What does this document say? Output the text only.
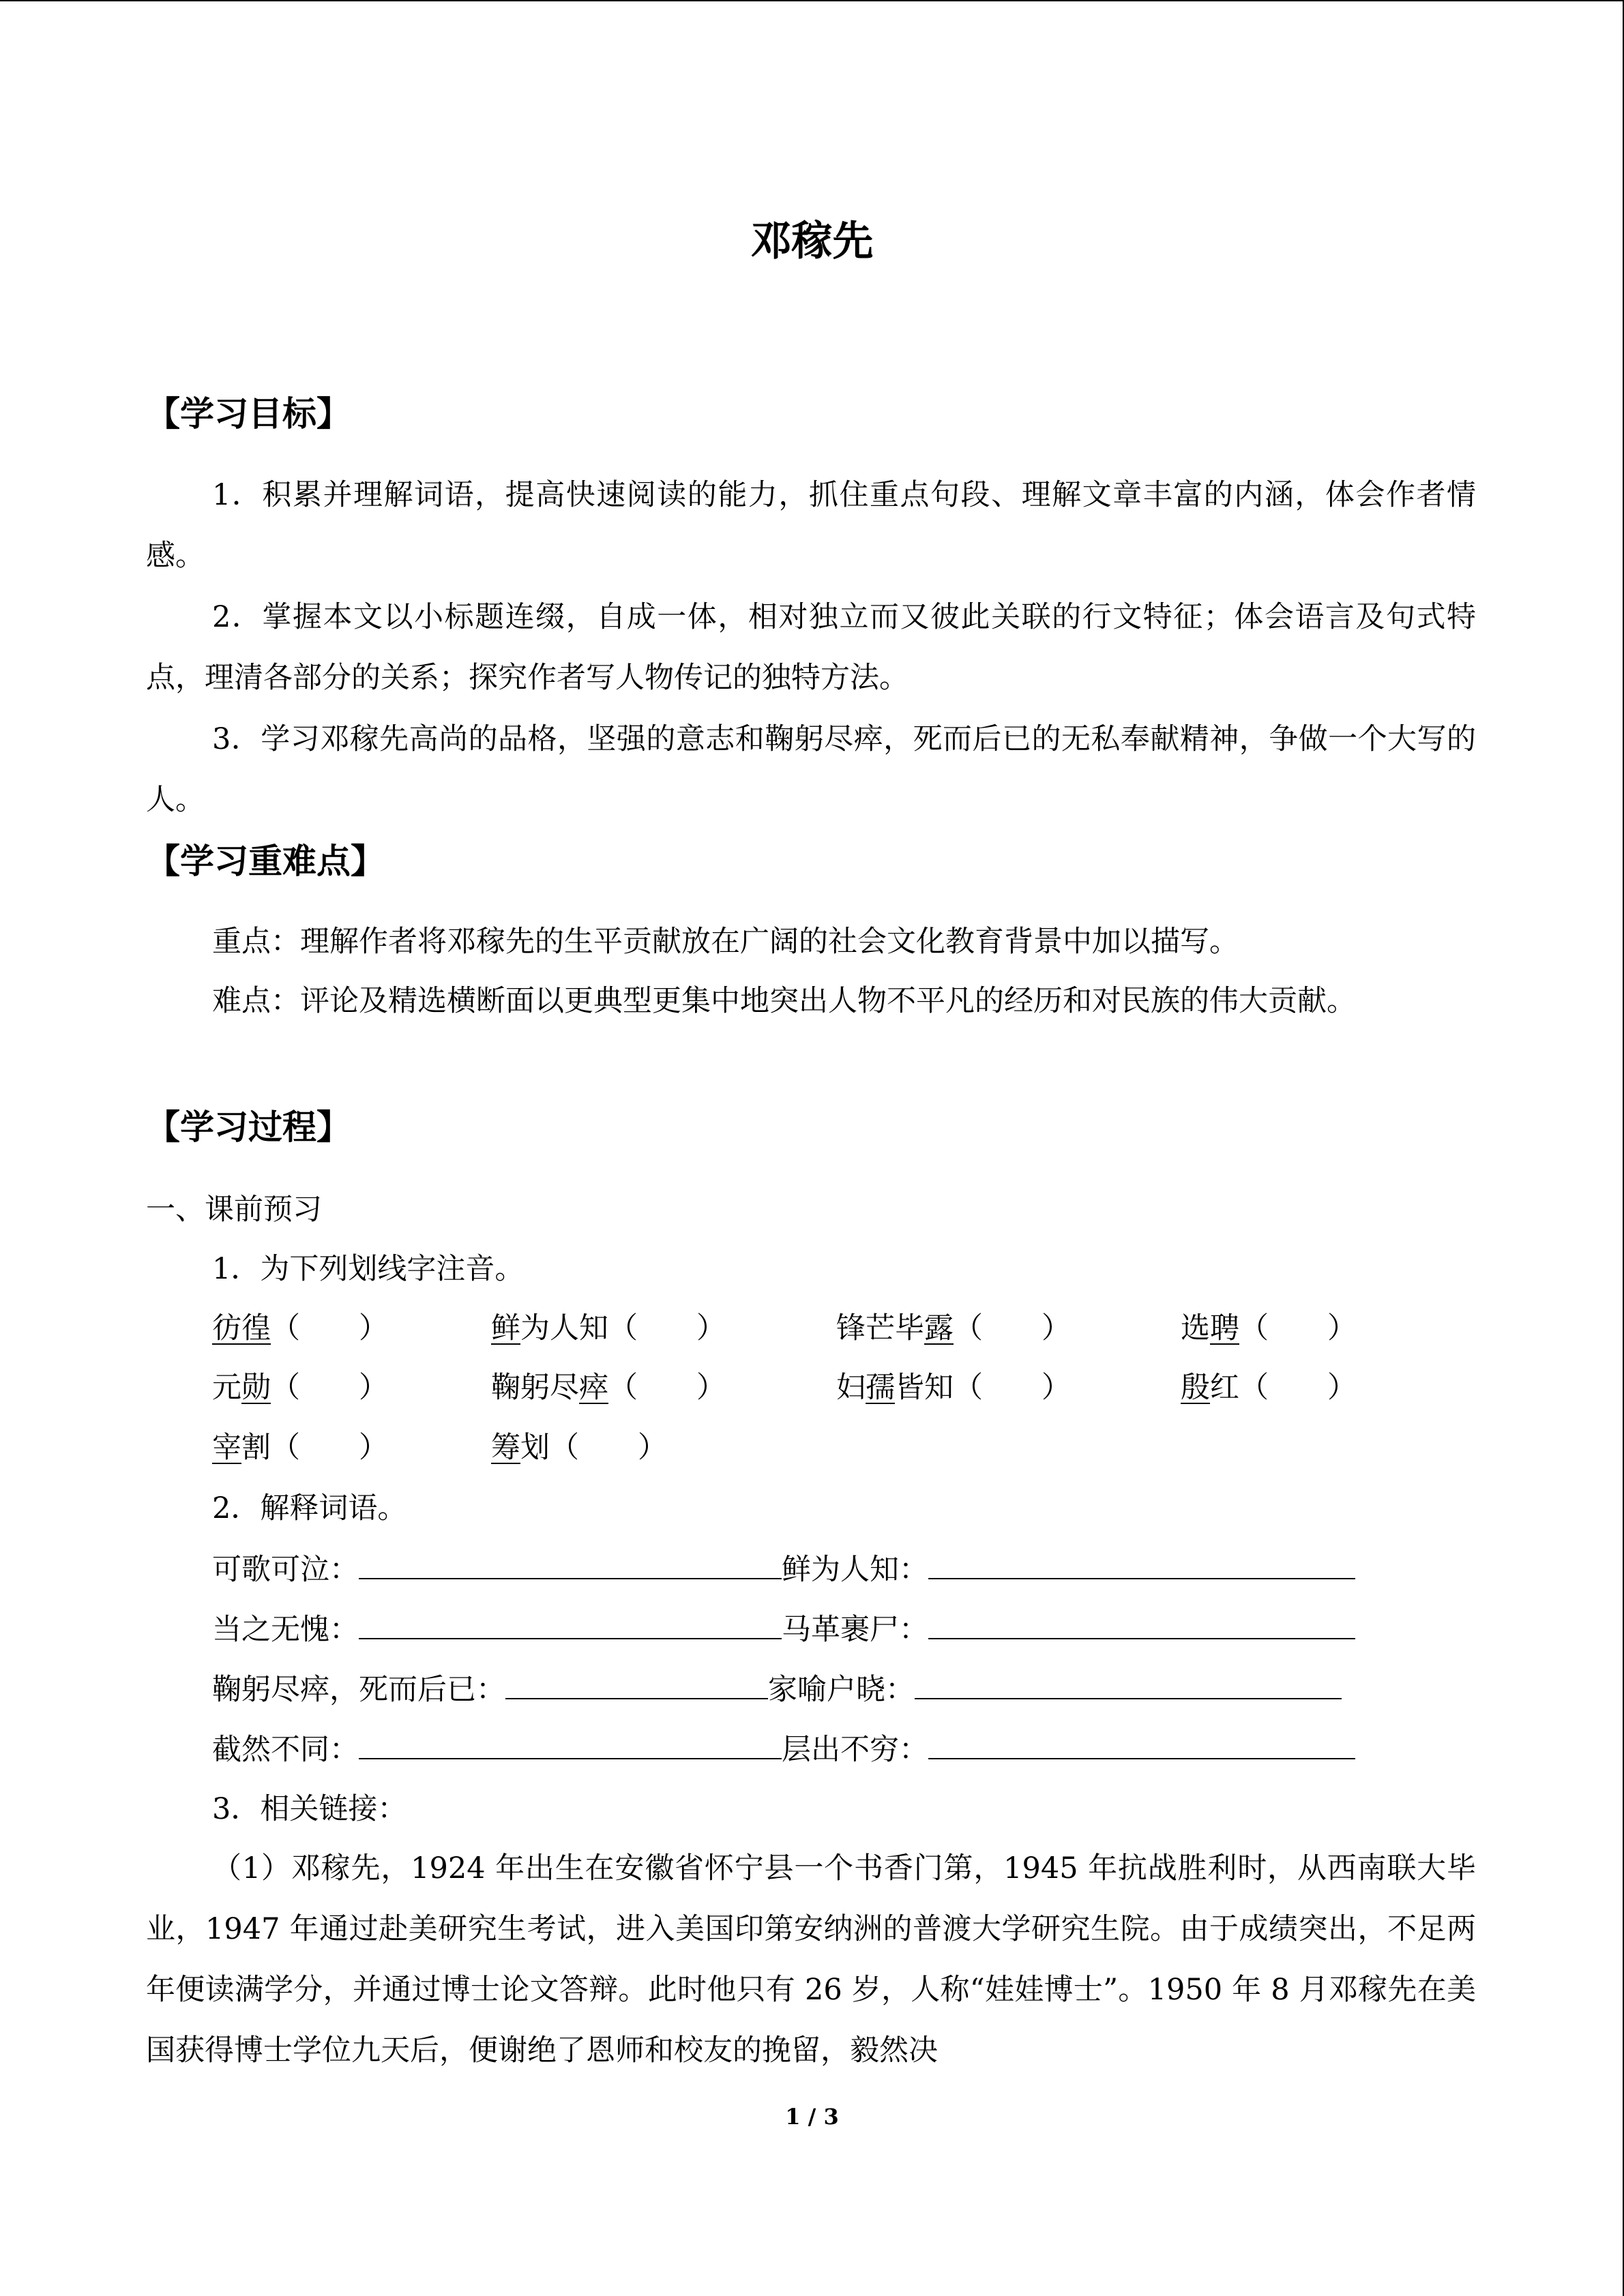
邓稼先
【学习目标】
1．积累并理解词语，提高快速阅读的能力，抓住重点句段、理解文章丰富的内涵，体会作者情感。
2．掌握本文以小标题连缀，自成一体，相对独立而又彼此关联的行文特征；体会语言及句式特点，理清各部分的关系；探究作者写人物传记的独特方法。
3．学习邓稼先高尚的品格，坚强的意志和鞠躬尽瘁，死而后已的无私奉献精神，争做一个大写的人。
【学习重难点】
重点：理解作者将邓稼先的生平贡献放在广阔的社会文化教育背景中加以描写。
难点：评论及精选横断面以更典型更集中地突出人物不平凡的经历和对民族的伟大贡献。
【学习过程】
一、课前预习
1．为下列划线字注音。
彷徨（　　）	鲜为人知（　　）	锋芒毕露（　　）	选聘（　　）
元勋（　　）	鞠躬尽瘁（　　）	妇孺皆知（　　）	殷红（　　）
宰割（　　）	筹划（　　）
2．解释词语。
可歌可泣：	鲜为人知：
当之无愧：	马革裹尸：
鞠躬尽瘁，死而后已：	家喻户晓：
截然不同：	层出不穷：
3．相关链接：
（1）邓稼先，1924 年出生在安徽省怀宁县一个书香门第，1945 年抗战胜利时，从西南联大毕业，1947 年通过赴美研究生考试，进入美国印第安纳洲的普渡大学研究生院。由于成绩突出，不足两年便读满学分，并通过博士论文答辩。此时他只有 26 岁，人称“娃娃博士”。1950 年 8 月邓稼先在美国获得博士学位九天后，便谢绝了恩师和校友的挽留，毅然决
1 / 3
